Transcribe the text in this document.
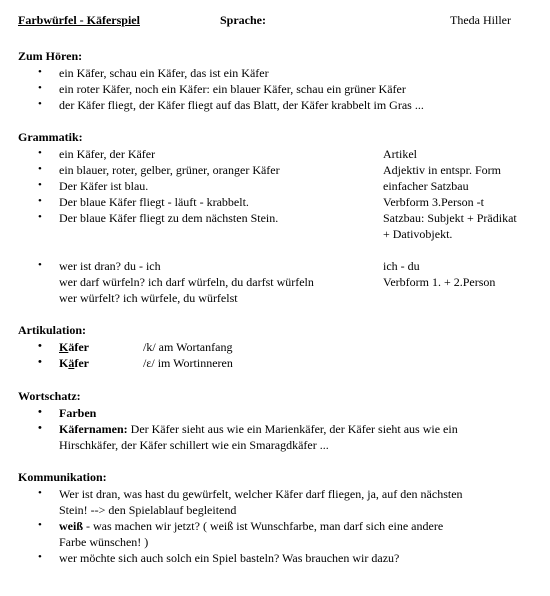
Farbwürfel - Käferspiel	Sprache:	Theda Hiller
Zum Hören:
• ein Käfer, schau ein Käfer, das ist ein Käfer
• ein roter Käfer, noch ein Käfer: ein blauer Käfer, schau ein grüner Käfer
• der Käfer fliegt, der Käfer fliegt auf das Blatt, der Käfer krabbelt im Gras ...
Grammatik:
• ein Käfer, der Käfer	Artikel
• ein blauer, roter, gelber, grüner, oranger Käfer	Adjektiv in entspr. Form
• Der Käfer ist blau.	einfacher Satzbau
• Der blaue Käfer fliegt - läuft - krabbelt.	Verbform 3.Person -t
• Der blaue Käfer fliegt zu dem nächsten Stein.	Satzbau: Subjekt + Prädikat
+ Dativobjekt.
• wer ist dran? du - ich	ich - du
wer darf würfeln? ich darf würfeln, du darfst würfeln	Verbform 1. + 2.Person
wer würfelt? ich würfele, du würfelst
Artikulation:
• Käfer	/k/ am Wortanfang
• Käfer	/ɛ/ im Wortinneren
Wortschatz:
• Farben
• Käfernamen: Der Käfer sieht aus wie ein Marienkäfer, der Käfer sieht aus wie ein
Hirschkäfer, der Käfer schillert wie ein Smaragdkäfer ...
Kommunikation:
• Wer ist dran, was hast du gewürfelt, welcher Käfer darf fliegen, ja, auf den nächsten
Stein! --> den Spielablauf begleitend
• weiß - was machen wir jetzt? ( weiß ist Wunschfarbe, man darf sich eine andere
Farbe wünschen! )
• wer möchte sich auch solch ein Spiel basteln? Was brauchen wir dazu?
